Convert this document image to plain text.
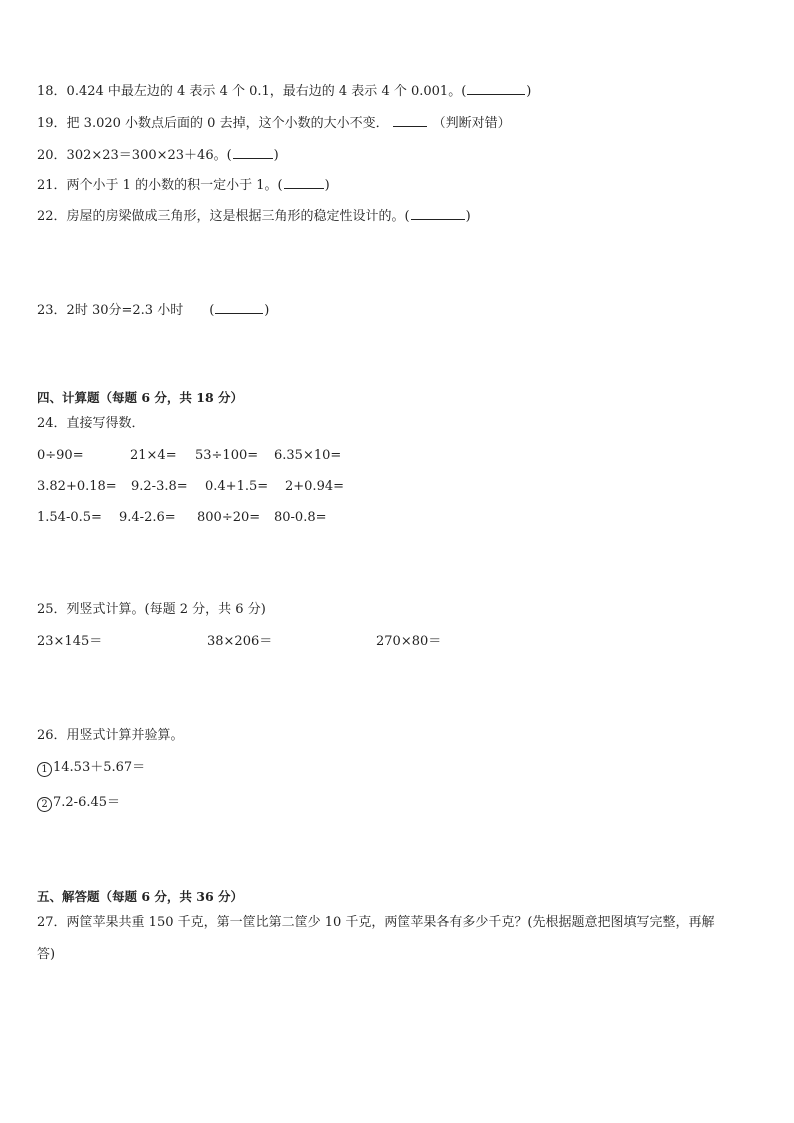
18．0.424 中最左边的 4 表示 4 个 0.1，最右边的 4 表示 4 个 0.001。(	)
19．把 3.020 小数点后面的 0 去掉，这个小数的大小不变．	（判断对错）
20．302×23＝300×23＋46。(	)
21．两个小于 1 的小数的积一定小于 1。(	)
22．房屋的房梁做成三角形，这是根据三角形的稳定性设计的。(	)
23．2时 30分=2.3 小时 (	)
四、计算题（每题 6 分，共 18 分）
24．直接写得数．
0÷90=	21×4= 53÷100= 6.35×10=
3.82+0.18= 9.2-3.8= 0.4+1.5= 2+0.94=
1.54-0.5= 9.4-2.6= 800÷20= 80-0.8=
25．列竖式计算。(每题 2 分，共 6 分)
23×145＝	38×206＝	270×80＝
26．用竖式计算并验算。
1 14.53＋5.67＝
2 7.2-6.45＝
五、解答题（每题 6 分，共 36 分）
27．两筐苹果共重 150 千克，第一筐比第二筐少 10 千克，两筐苹果各有多少千克？(先根据题意把图填写完整，再解
答)
